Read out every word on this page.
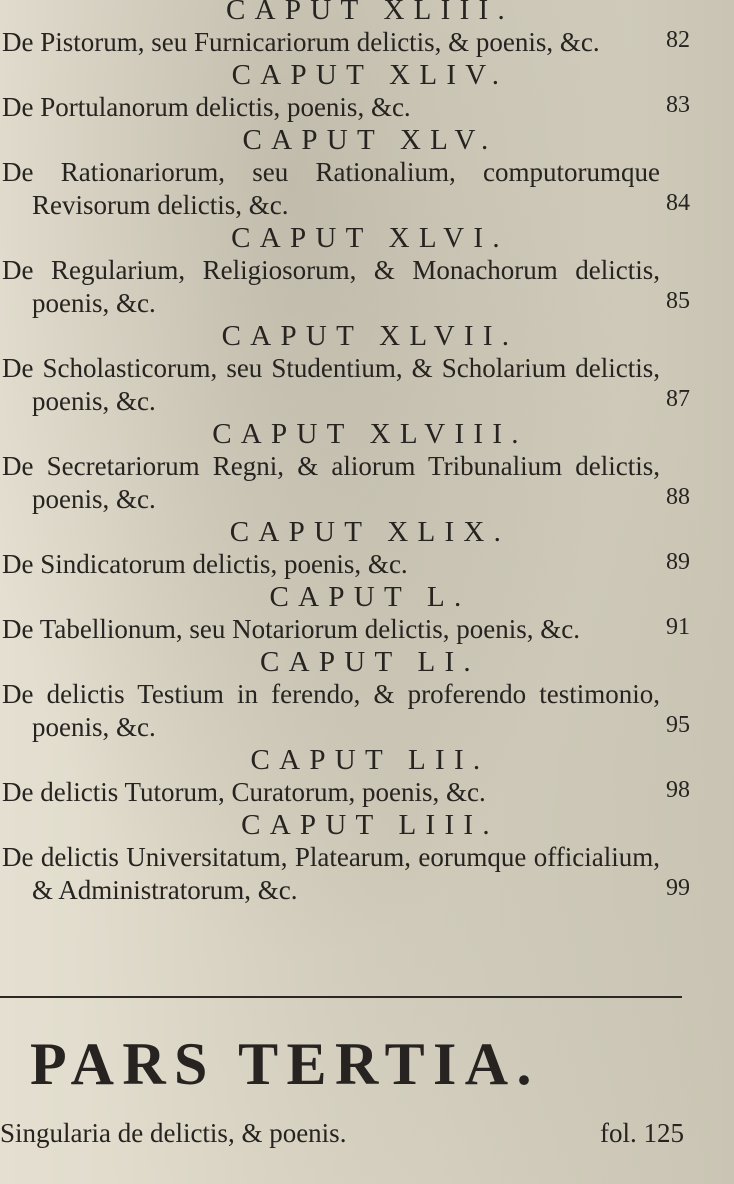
CAPUT XLIII.
De Pistorum, seu Furnicariorum delictis, & poenis, &c.	82
CAPUT XLIV.
De Portulanorum delictis, poenis, &c.	83
CAPUT XLV.
De Rationariorum, seu Rationalium, computorumque Revisorum delictis, &c.	84
CAPUT XLVI.
De Regularium, Religiosorum, & Monachorum delictis, poenis, &c.	85
CAPUT XLVII.
De Scholasticorum, seu Studentium, & Scholarium delictis, poenis, &c.	87
CAPUT XLVIII.
De Secretariorum Regni, & aliorum Tribunalium delictis, poenis, &c.	88
CAPUT XLIX.
De Sindicatorum delictis, poenis, &c.	89
CAPUT L.
De Tabellionum, seu Notariorum delictis, poenis, &c.	91
CAPUT LI.
De delictis Testium in ferendo, & proferendo testimonio, poenis, &c.	95
CAPUT LII.
De delictis Tutorum, Curatorum, poenis, &c.	98
CAPUT LIII.
De delictis Universitatum, Platearum, eorumque officialium, & Administratorum, &c.	99
PARS TERTIA.
Singularia de delictis, & poenis.	fol. 125
